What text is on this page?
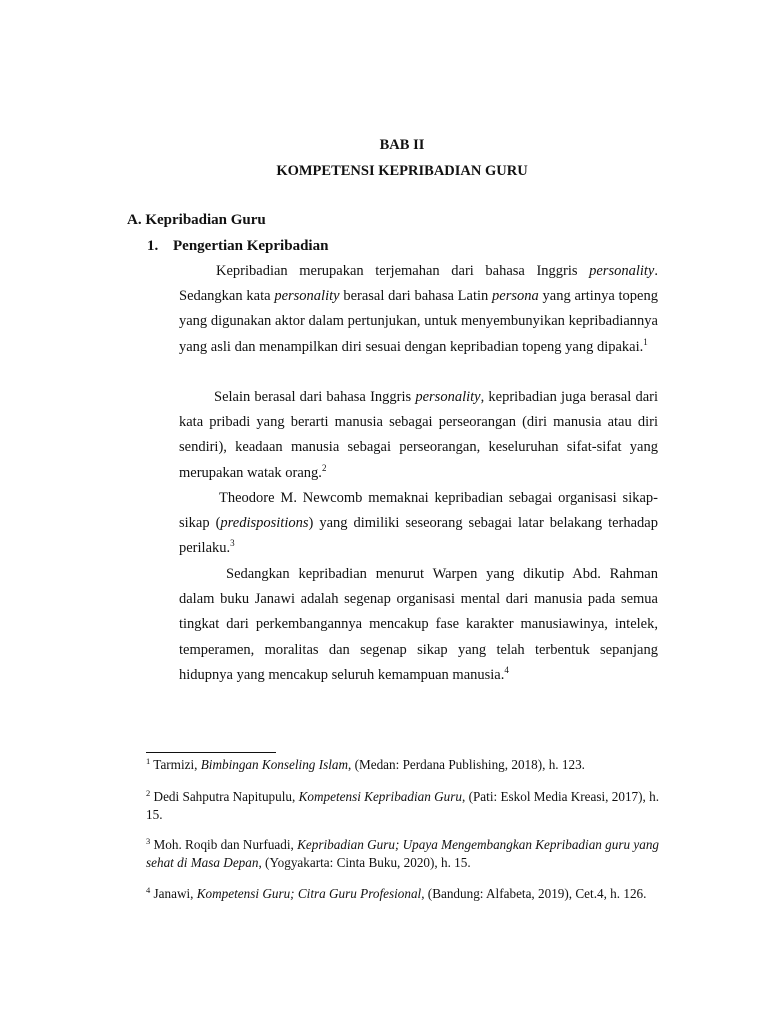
BAB II
KOMPETENSI KEPRIBADIAN GURU
A. Kepribadian Guru
1. Pengertian Kepribadian

Kepribadian merupakan terjemahan dari bahasa Inggris personality. Sedangkan kata personality berasal dari bahasa Latin persona yang artinya topeng yang digunakan aktor dalam pertunjukan, untuk menyembunyikan kepribadiannya yang asli dan menampilkan diri sesuai dengan kepribadian topeng yang dipakai.$^1$

Selain berasal dari bahasa Inggris personality, kepribadian juga berasal dari kata pribadi yang berarti manusia sebagai perseorangan (diri manusia atau diri sendiri), keadaan manusia sebagai perseorangan, keseluruhan sifat-sifat yang merupakan watak orang.$^2$

Theodore M. Newcomb memaknai kepribadian sebagai organisasi sikap-sikap (predispositions) yang dimiliki seseorang sebagai latar belakang terhadap perilaku.$^3$

Sedangkan kepribadian menurut Warpen yang dikutip Abd. Rahman dalam buku Janawi adalah segenap organisasi mental dari manusia pada semua tingkat dari perkembangannya mencakup fase karakter manusiawinya, intelek, temperamen, moralitas dan segenap sikap yang telah terbentuk sepanjang hidupnya yang mencakup seluruh kemampuan manusia.$^4$

$^1$ Tarmizi, Bimbingan Konseling Islam, (Medan: Perdana Publishing, 2018), h. 123.
$^2$ Dedi Sahputra Napitupulu, Kompetensi Kepribadian Guru, (Pati: Eskol Media Kreasi, 2017), h. 15.
$^3$ Moh. Roqib dan Nurfuadi, Kepribadian Guru; Upaya Mengembangkan Kepribadian guru yang sehat di Masa Depan, (Yogyakarta: Cinta Buku, 2020), h. 15.
$^4$ Janawi, Kompetensi Guru; Citra Guru Profesional, (Bandung: Alfabeta, 2019), Cet.4, h. 126.
